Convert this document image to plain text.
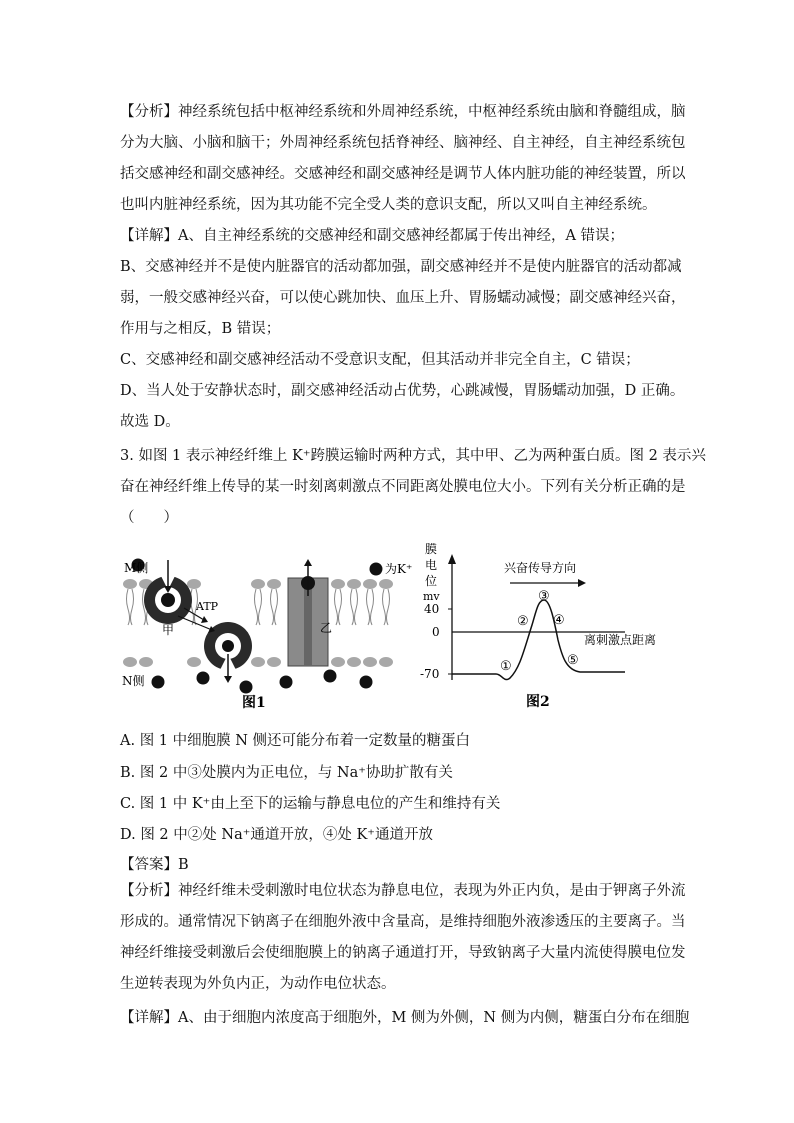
【分析】神经系统包括中枢神经系统和外周神经系统，中枢神经系统由脑和脊髓组成，脑
分为大脑、小脑和脑干；外周神经系统包括脊神经、脑神经、自主神经，自主神经系统包
括交感神经和副交感神经。交感神经和副交感神经是调节人体内脏功能的神经装置，所以
也叫内脏神经系统，因为其功能不完全受人类的意识支配，所以又叫自主神经系统。
【详解】A、自主神经系统的交感神经和副交感神经都属于传出神经，A 错误；
B、交感神经并不是使内脏器官的活动都加强，副交感神经并不是使内脏器官的活动都减
弱，一般交感神经兴奋，可以使心跳加快、血压上升、胃肠蠕动减慢；副交感神经兴奋，
作用与之相反，B 错误；
C、交感神经和副交感神经活动不受意识支配，但其活动并非完全自主，C 错误；
D、当人处于安静状态时，副交感神经活动占优势，心跳减慢，胃肠蠕动加强，D 正确。
故选 D。
3. 如图 1 表示神经纤维上 K⁺跨膜运输时两种方式，其中甲、乙为两种蛋白质。图 2 表示兴
奋在神经纤维上传导的某一时刻离刺激点不同距离处膜电位大小。下列有关分析正确的是
（　　）
M侧
N侧
为K⁺
ATP
甲	乙
图1
膜
电
位
mv
40
0
-70
兴奋传导方向
离刺激点距离
①
②
③
④
⑤
图2
A. 图 1 中细胞膜 N 侧还可能分布着一定数量的糖蛋白
B. 图 2 中③处膜内为正电位，与 Na⁺协助扩散有关
C. 图 1 中 K⁺由上至下的运输与静息电位的产生和维持有关
D. 图 2 中②处 Na⁺通道开放，④处 K⁺通道开放
【答案】B
【分析】神经纤维未受刺激时电位状态为静息电位，表现为外正内负，是由于钾离子外流
形成的。通常情况下钠离子在细胞外液中含量高，是维持细胞外液渗透压的主要离子。当
神经纤维接受刺激后会使细胞膜上的钠离子通道打开，导致钠离子大量内流使得膜电位发
生逆转表现为外负内正，为动作电位状态。
【详解】A、由于细胞内浓度高于细胞外，M 侧为外侧，N 侧为内侧，糖蛋白分布在细胞
